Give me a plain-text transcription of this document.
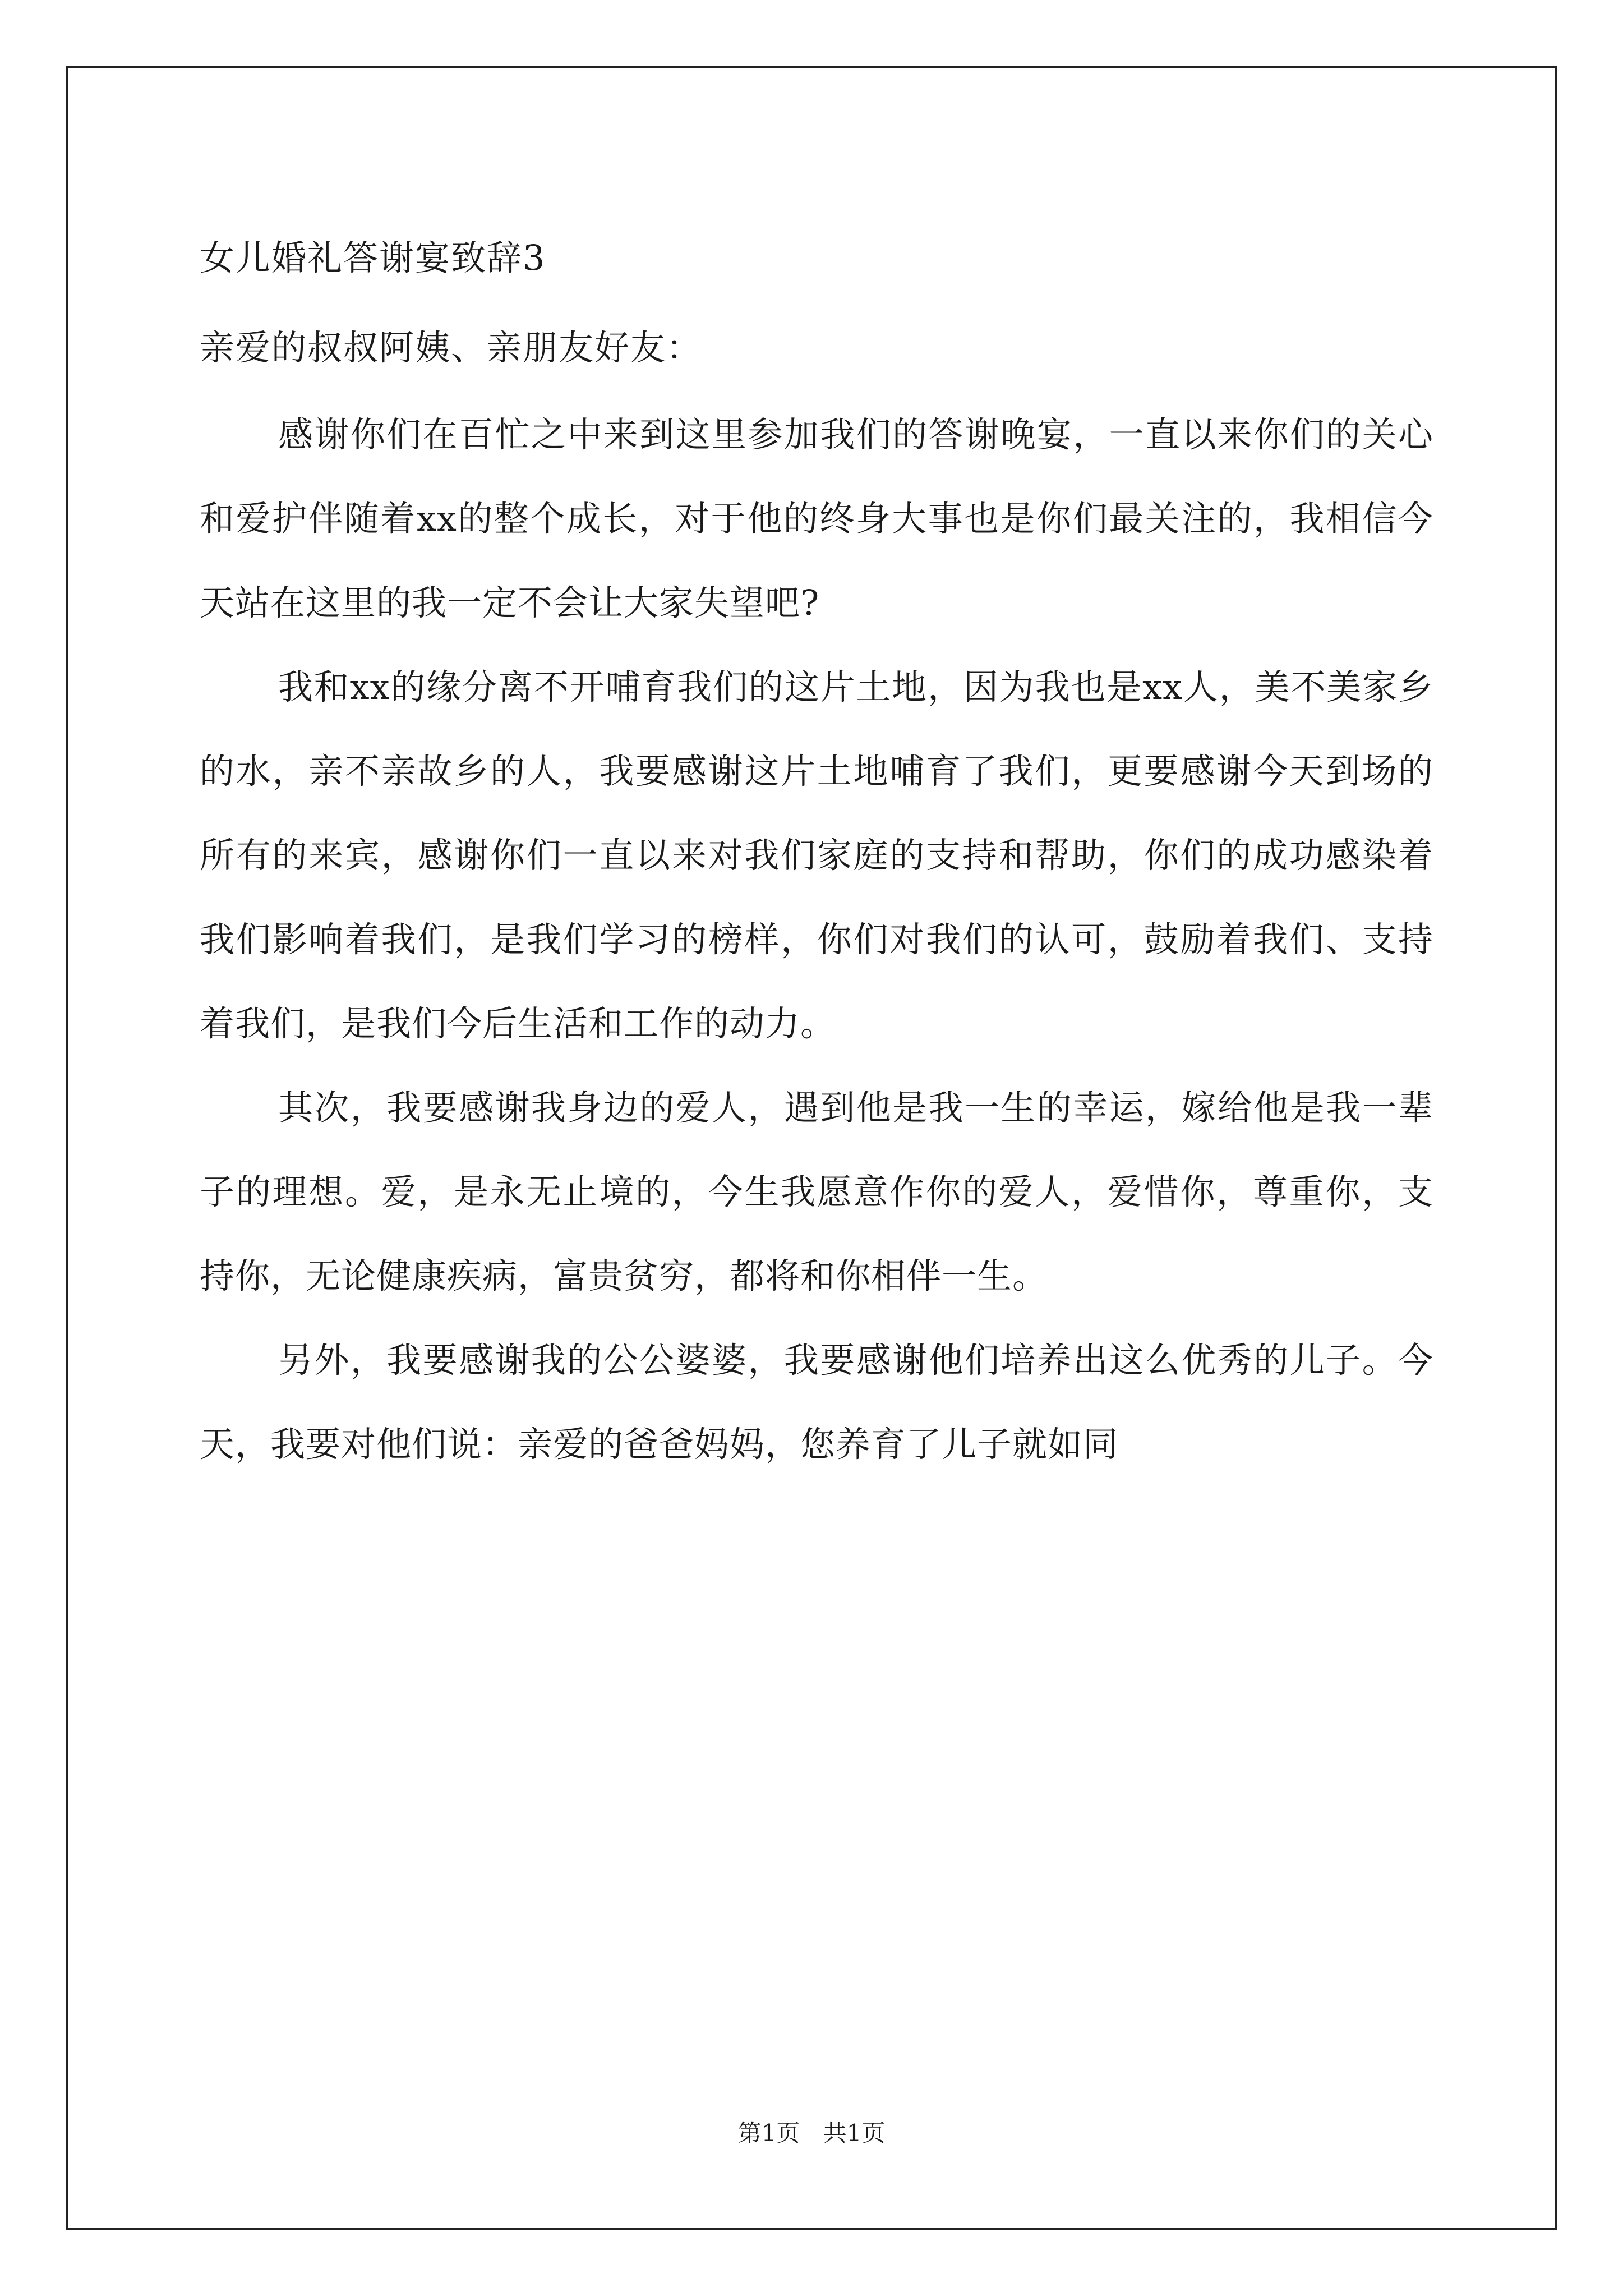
女儿婚礼答谢宴致辞3

亲爱的叔叔阿姨、亲朋友好友：

感谢你们在百忙之中来到这里参加我们的答谢晚宴，一直以来你们的关心和爱护伴随着xx的整个成长，对于他的终身大事也是你们最关注的，我相信今天站在这里的我一定不会让大家失望吧?

我和xx的缘分离不开哺育我们的这片土地，因为我也是xx人，美不美家乡的水，亲不亲故乡的人，我要感谢这片土地哺育了我们，更要感谢今天到场的所有的来宾，感谢你们一直以来对我们家庭的支持和帮助，你们的成功感染着我们影响着我们，是我们学习的榜样，你们对我们的认可，鼓励着我们、支持着我们，是我们今后生活和工作的动力。

其次，我要感谢我身边的爱人，遇到他是我一生的幸运，嫁给他是我一辈子的理想。爱，是永无止境的，今生我愿意作你的爱人，爱惜你，尊重你，支持你，无论健康疾病，富贵贫穷，都将和你相伴一生。

另外，我要感谢我的公公婆婆，我要感谢他们培养出这么优秀的儿子。今天，我要对他们说：亲爱的爸爸妈妈，您养育了儿子就如同

第1页 共1页
